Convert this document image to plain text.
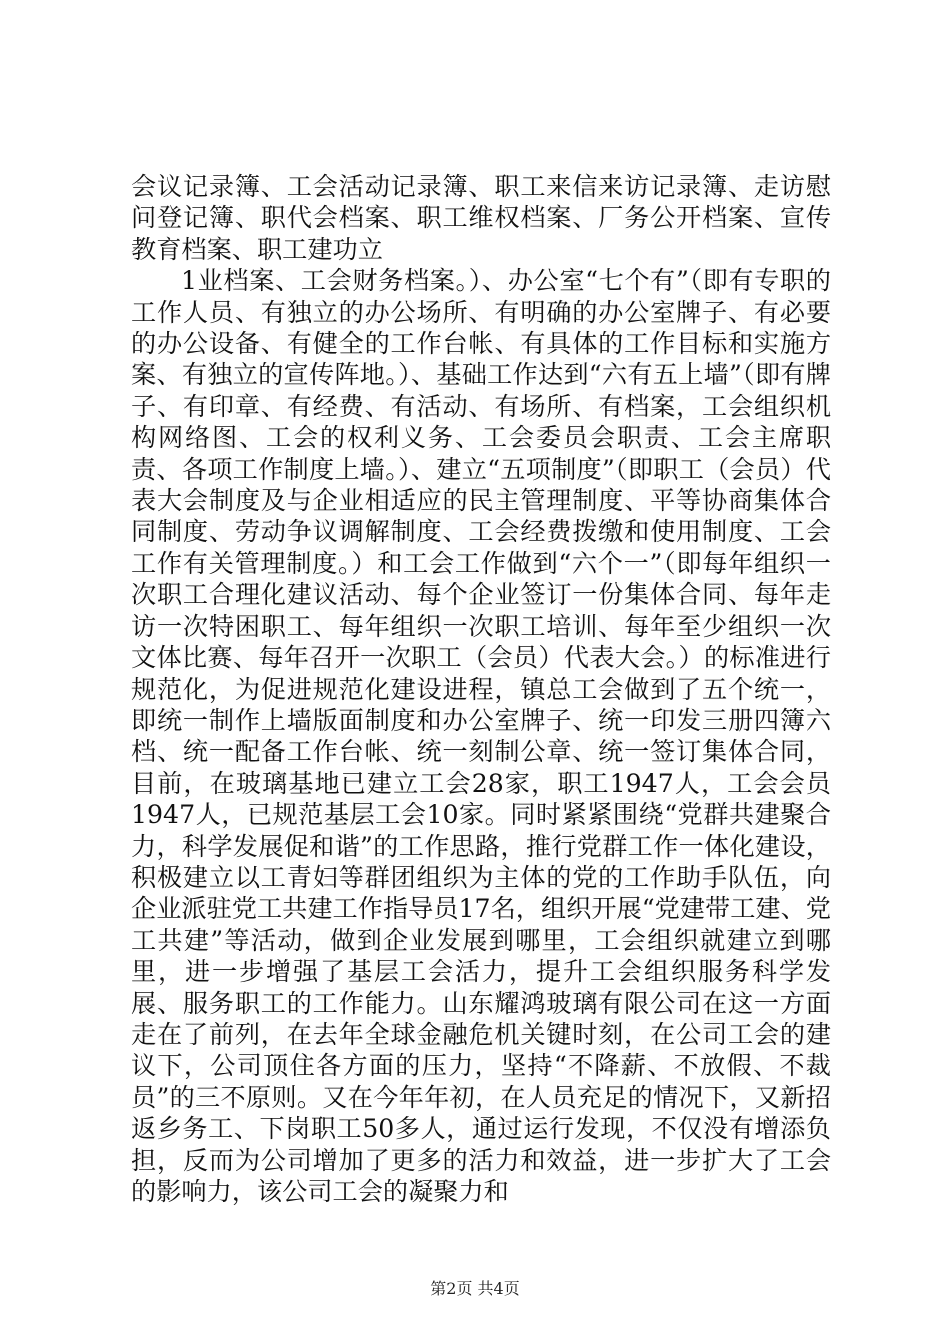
会议记录簿、工会活动记录簿、职工来信来访记录簿、走访慰问登记簿、职代会档案、职工维权档案、厂务公开档案、宣传教育档案、职工建功立

1业档案、工会财务档案。）、办公室“七个有”（即有专职的工作人员、有独立的办公场所、有明确的办公室牌子、有必要的办公设备、有健全的工作台帐、有具体的工作目标和实施方案、有独立的宣传阵地。）、基础工作达到“六有五上墙”（即有牌子、有印章、有经费、有活动、有场所、有档案，工会组织机构网络图、工会的权利义务、工会委员会职责、工会主席职责、各项工作制度上墙。）、建立“五项制度”（即职工（会员）代表大会制度及与企业相适应的民主管理制度、平等协商集体合同制度、劳动争议调解制度、工会经费拨缴和使用制度、工会工作有关管理制度。）和工会工作做到“六个一”（即每年组织一次职工合理化建议活动、每个企业签订一份集体合同、每年走访一次特困职工、每年组织一次职工培训、每年至少组织一次文体比赛、每年召开一次职工（会员）代表大会。）的标准进行规范化，为促进规范化建设进程，镇总工会做到了五个统一，即统一制作上墙版面制度和办公室牌子、统一印发三册四簿六档、统一配备工作台帐、统一刻制公章、统一签订集体合同，目前，在玻璃基地已建立工会28家，职工1947人，工会会员1947人，已规范基层工会10家。同时紧紧围绕“党群共建聚合力，科学发展促和谐”的工作思路，推行党群工作一体化建设，积极建立以工青妇等群团组织为主体的党的工作助手队伍，向企业派驻党工共建工作指导员17名，组织开展“党建带工建、党工共建”等活动，做到企业发展到哪里，工会组织就建立到哪里，进一步增强了基层工会活力，提升工会组织服务科学发展、服务职工的工作能力。山东耀鸿玻璃有限公司在这一方面走在了前列，在去年全球金融危机关键时刻，在公司工会的建议下，公司顶住各方面的压力，坚持“不降薪、不放假、不裁员”的三不原则。又在今年年初，在人员充足的情况下，又新招返乡务工、下岗职工50多人，通过运行发现，不仅没有增添负担，反而为公司增加了更多的活力和效益，进一步扩大了工会的影响力，该公司工会的凝聚力和

第2页 共4页
